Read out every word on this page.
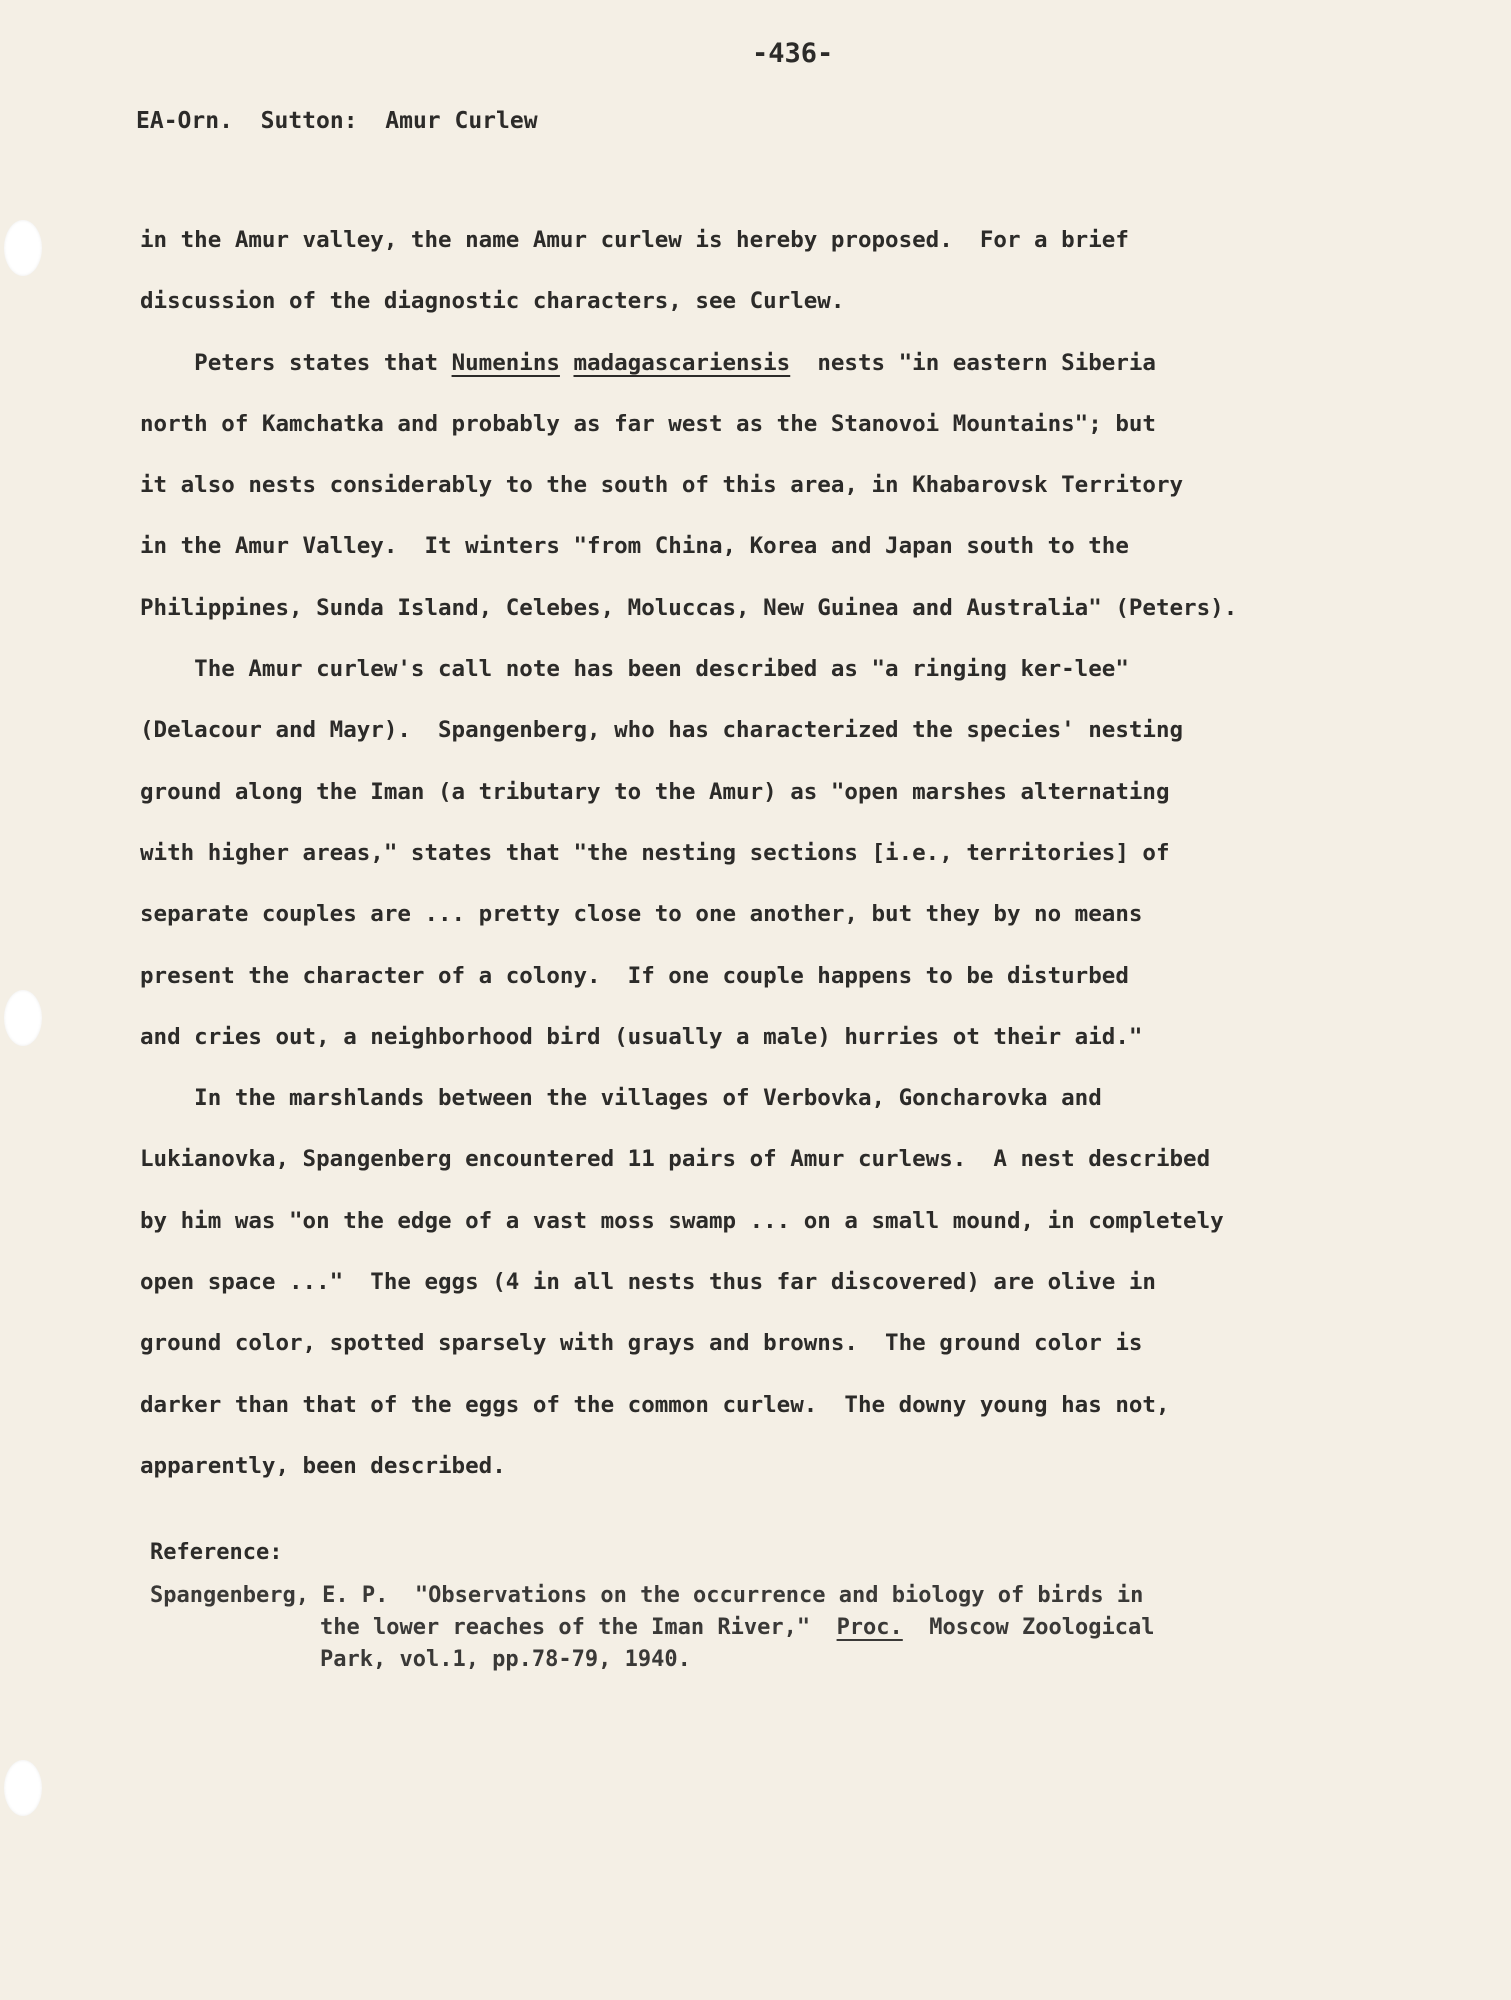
-436-
EA-Orn.  Sutton:  Amur Curlew
in the Amur valley, the name Amur curlew is hereby proposed.  For a brief
discussion of the diagnostic characters, see Curlew.
Peters states that Numenins madagascariensis  nests "in eastern Siberia
north of Kamchatka and probably as far west as the Stanovoi Mountains"; but
it also nests considerably to the south of this area, in Khabarovsk Territory
in the Amur Valley.  It winters "from China, Korea and Japan south to the
Philippines, Sunda Island, Celebes, Moluccas, New Guinea and Australia" (Peters).
The Amur curlew's call note has been described as "a ringing ker-lee"
(Delacour and Mayr).  Spangenberg, who has characterized the species' nesting
ground along the Iman (a tributary to the Amur) as "open marshes alternating
with higher areas," states that "the nesting sections [i.e., territories] of
separate couples are ... pretty close to one another, but they by no means
present the character of a colony.  If one couple happens to be disturbed
and cries out, a neighborhood bird (usually a male) hurries ot their aid."
In the marshlands between the villages of Verbovka, Goncharovka and
Lukianovka, Spangenberg encountered 11 pairs of Amur curlews.  A nest described
by him was "on the edge of a vast moss swamp ... on a small mound, in completely
open space ..."  The eggs (4 in all nests thus far discovered) are olive in
ground color, spotted sparsely with grays and browns.  The ground color is
darker than that of the eggs of the common curlew.  The downy young has not,
apparently, been described.
Reference:
Spangenberg, E. P.  "Observations on the occurrence and biology of birds in
the lower reaches of the Iman River,"  Proc.  Moscow Zoological
Park, vol.1, pp.78-79, 1940.
